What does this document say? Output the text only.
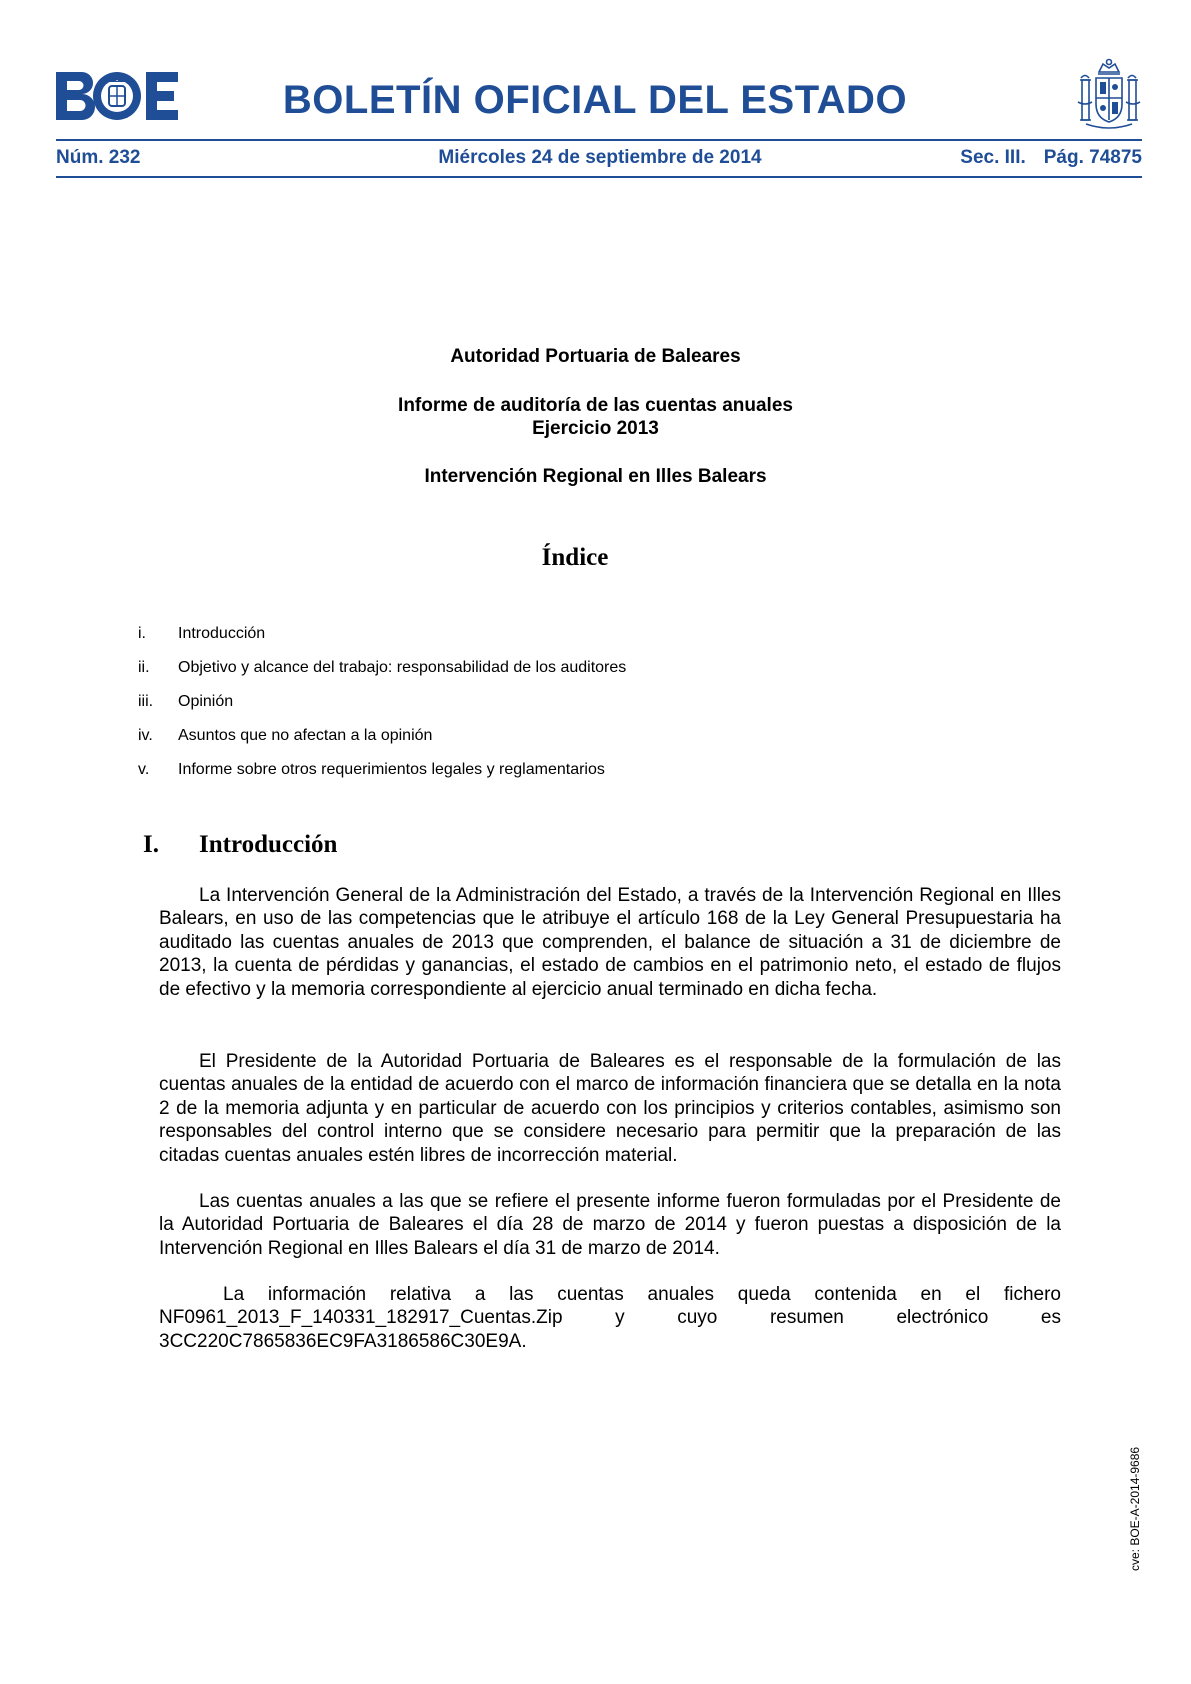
BOLETÍN OFICIAL DEL ESTADO
Núm. 232	Miércoles 24 de septiembre de 2014	Sec. III. Pág. 74875

Autoridad Portuaria de Baleares

Informe de auditoría de las cuentas anuales

Ejercicio 2013

Intervención Regional en Illes Balears

Índice
i.	Introducción
ii.	Objetivo y alcance del trabajo: responsabilidad de los auditores
iii.	Opinión
iv.	Asuntos que no afectan a la opinión
v.	Informe sobre otros requerimientos legales y reglamentarios
I.	Introducción

La Intervención General de la Administración del Estado, a través de la Intervención Regional en Illes Balears, en uso de las competencias que le atribuye el artículo 168 de la Ley General Presupuestaria ha auditado las cuentas anuales de 2013 que comprenden, el balance de situación a 31 de diciembre de 2013, la cuenta de pérdidas y ganancias, el estado de cambios en el patrimonio neto, el estado de flujos de efectivo y la memoria correspondiente al ejercicio anual terminado en dicha fecha.

El Presidente de la Autoridad Portuaria de Baleares es el responsable de la formulación de las cuentas anuales de la entidad de acuerdo con el marco de información financiera que se detalla en la nota 2 de la memoria adjunta y en particular de acuerdo con los principios y criterios contables, asimismo son responsables del control interno que se considere necesario para permitir que la preparación de las citadas cuentas anuales estén libres de incorrección material.

Las cuentas anuales a las que se refiere el presente informe fueron formuladas por el Presidente de la Autoridad Portuaria de Baleares el día 28 de marzo de 2014 y fueron puestas a disposición de la Intervención Regional en Illes Balears el día 31 de marzo de 2014.

La información relativa a las cuentas anuales queda contenida en el fichero NF0961_2013_F_140331_182917_Cuentas.Zip y cuyo resumen electrónico es 3CC220C7865836EC9FA3186586C30E9A.

cve: BOE-A-2014-9686
